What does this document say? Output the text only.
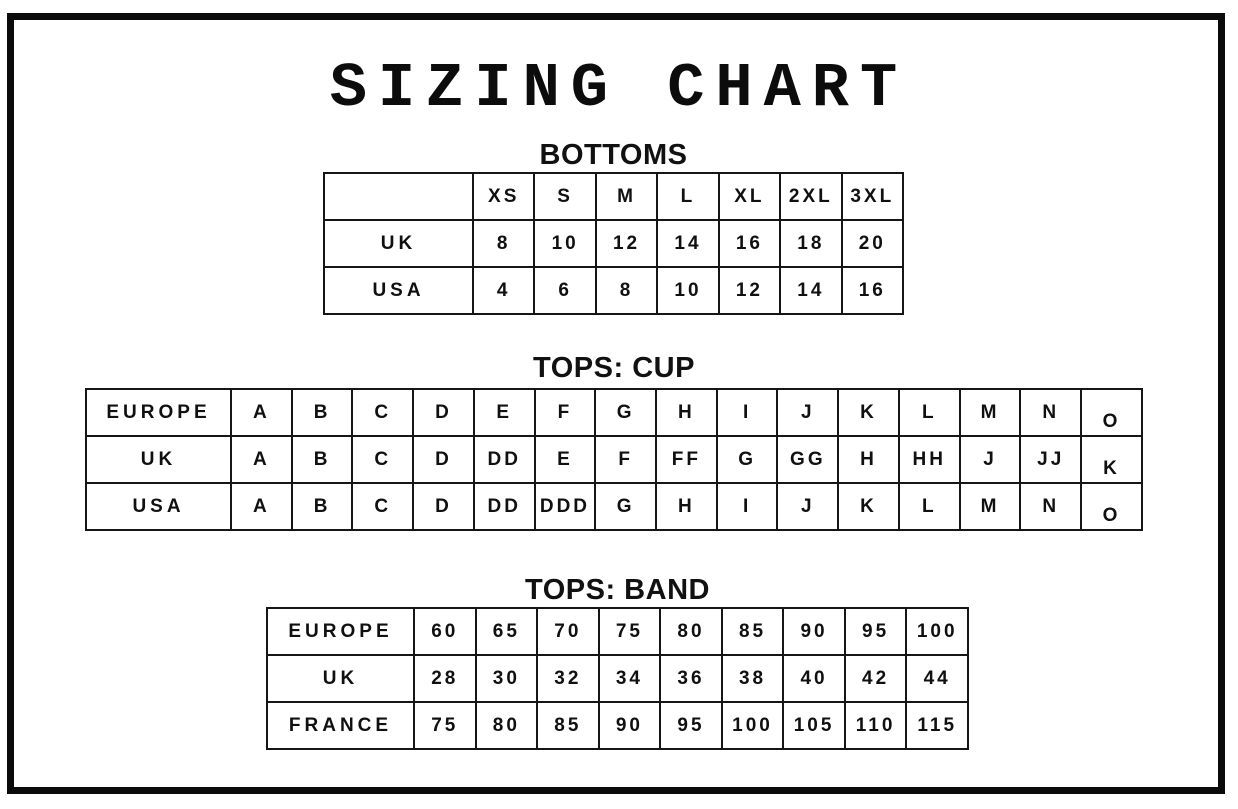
SIZING CHART
BOTTOMS
	XS	S	M	L	XL	2XL	3XL
UK	8	10	12	14	16	18	20
USA	4	6	8	10	12	14	16
TOPS: CUP
EUROPE	A	B	C	D	E	F	G	H	I	J	K	L	M	N	O
UK	A	B	C	D	DD	E	F	FF	G	GG	H	HH	J	JJ	K
USA	A	B	C	D	DD	DDD	G	H	I	J	K	L	M	N	O
TOPS: BAND
EUROPE	60	65	70	75	80	85	90	95	100
UK	28	30	32	34	36	38	40	42	44
FRANCE	75	80	85	90	95	100	105	110	115
